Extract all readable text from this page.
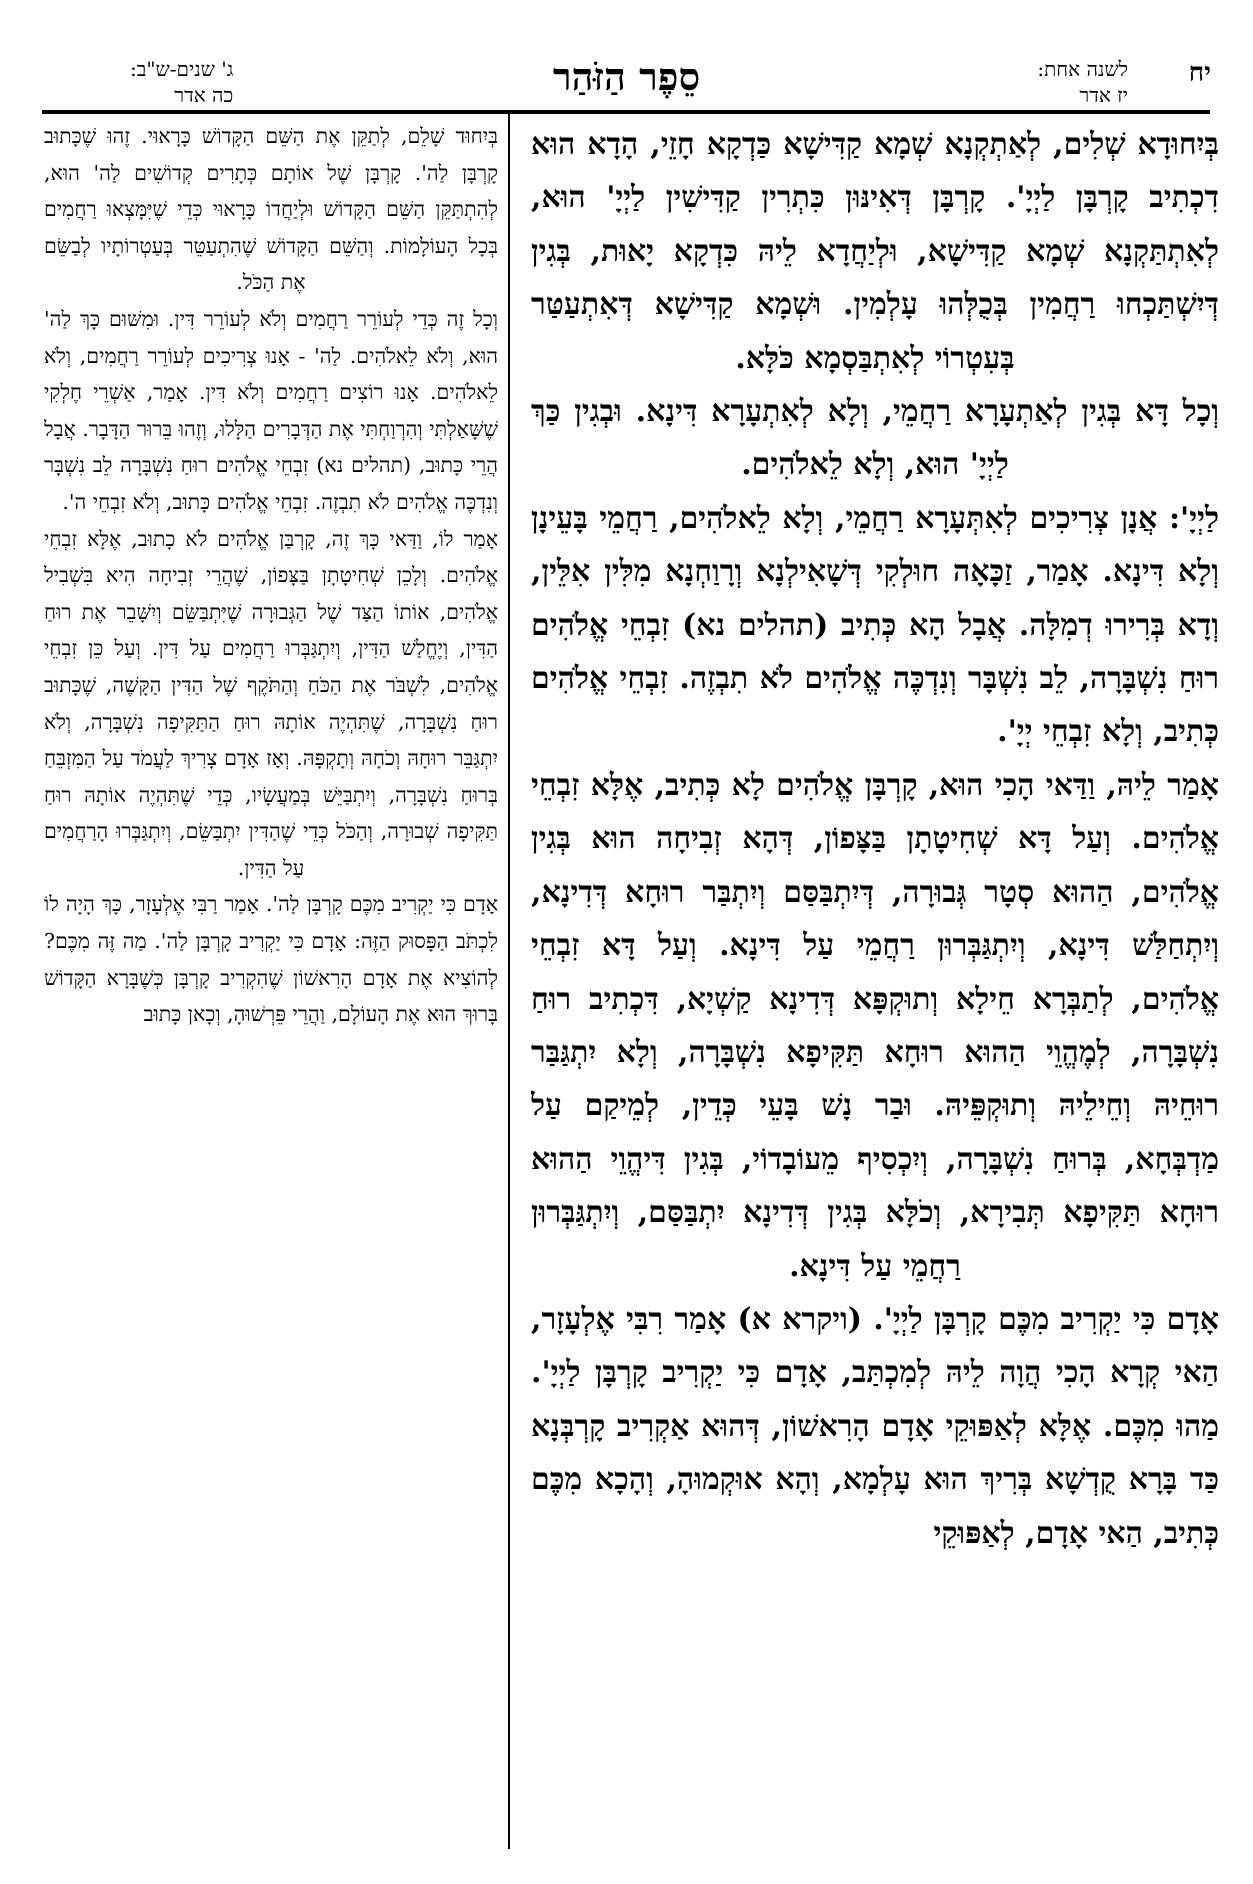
יח
לשנה אחת:
יז אדר
סֵפֶר הַזֹּהַר
ג' שנים-ש"ב:
כה אדר

בְּיִחוּדָא שְׁלִים, לְאַתְקְנָא שְׁמָא קַדִּישָׁא כַּדְקָא חָזֵי, הָדָא הוּא דִכְתִיב קָרְבָּן לַיְיָ'. קָרְבָּן דְּאִינּוּן כִּתְרִין קַדִּישִׁין לַיְיָ' הוּא, לְאִתְתַּקְנָא שְׁמָא קַדִּישָׁא, וּלְיַחֲדָא לֵיהּ כִּדְקָא יָאוּת, בְּגִין דְּיִשְׁתַּכְחוּ רַחֲמִין בְּכֻלְּהוּ עָלְמִין. וּשְׁמָא קַדִּישָׁא דְּאִתְעַטַּר בְּעִטְרוֹי לְאִתְבַּסְמָא כֹּלָּא.

וְכָל דָּא בְּגִין לְאַתְעָרָא רַחֲמֵי, וְלָא לְאִתְעָרָא דִּינָא. וּבְגִין כַּךְ לַיְיָ' הוּא, וְלָא לֵאלֹהִים.

לַיְיָ': אֲנָן צְרִיכִים לְאִתְּעָרָא רַחֲמֵי, וְלָא לֵאלֹהִים, רַחֲמֵי בָּעֵינָן וְלָא דִּינָא. אָמַר, זַכָּאָה חוּלְקִי דְּשָׁאִילְנָא וְרָוַחְנָא מִלִּין אִלֵּין, וְדָא בְּרִירוּ דְמִלָּה. אֲבָל הָא כְּתִיב (תהלים נא) זִבְחֵי אֱלֹהִים רוּחַ נִשְׁבָּרָה, לֵב נִשְׁבָּר וְנִדְכֶּה אֱלֹהִים לֹא תִבְזֶה. זִבְחֵי אֱלֹהִים כְּתִיב, וְלָא זִבְחֵי יְיָ'.

אָמַר לֵיהּ, וַדַּאי הָכִי הוּא, קָרְבָּן אֱלֹהִים לָא כְּתִיב, אֶלָּא זִבְחֵי אֱלֹהִים. וְעַל דָּא שְׁחִיטָתָן בַּצָּפוֹן, דְּהָא זְבִיחָה הוּא בְּגִין אֱלֹהִים, הַהוּא סְטָר גְּבוּרָה, דְּיִתְבַּסַּם וְיִתְבַּר רוּחָא דְּדִינָא, וְיִתְחַלַּשׁ דִּינָא, וְיִתְגַּבְּרוּן רַחֲמֵי עַל דִּינָא. וְעַל דָּא זִבְחֵי אֱלֹהִים, לְתַבְּרָא חֵילָא וְתוּקְפָּא דְּדִינָא קַשְׁיָא, דִּכְתִיב רוּחַ נִשְׁבָּרָה, לְמֶהֱוֵי הַהוּא רוּחָא תַּקִּיפָא נִשְׁבָּרָה, וְלָא יִתְגַּבַּר רוּחֵיהּ וְחֵילֵיהּ וְתוּקְפֵּיהּ. וּבַר נָשׁ בָּעֵי כְּדֵין, לְמֵיקַם עַל מַדְבְּחָא, בְּרוּחַ נִשְׁבָּרָה, וְיִכְסִיף מֵעוֹבָדוֹי, בְּגִין דִּיהֱוֵי הַהוּא רוּחָא תַּקִּיפָא תְּבִירָא, וְכֹלָּא בְּגִין דְּדִינָא יִתְבַּסַּם, וְיִתְגַּבְּרוּן רַחֲמֵי עַל דִּינָא.

אָדָם כִּי יַקְרִיב מִכֶּם קָרְבָּן לַיְיָ'. (ויקרא א) אָמַר רִבִּי אֶלְעָזָר, הַאי קְרָא הָכִי הֲוָה לֵיהּ לְמִכְתַּב, אָדָם כִּי יַקְרִיב קָרְבָּן לַיְיָ'. מַהוּ מִכֶּם. אֶלָּא לְאַפּוּקֵי אָדָם הָרִאשׁוֹן, דְּהוּא אַקְרִיב קָרְבְּנָא כַּד בָּרָא קֻדְשָׁא בְּרִיךְ הוּא עָלְמָא, וְהָא אוּקְמוּהָ, וְהָכָא מִכֶּם כְּתִיב, הַאי אָדָם, לְאַפּוּקֵי

בְּיִחוּד שָׁלֵם, לְתַקֵּן אֶת הַשֵּׁם הַקָּדוֹשׁ כָּרָאוּי. זֶהוּ שֶׁכָּתוּב קָרְבָּן לַה'. קָרְבָּן שֶׁל אוֹתָם כְּתָרִים קְדוֹשִׁים לַה' הוּא, לְהִתְתַּקֵּן הַשֵּׁם הַקָּדוֹשׁ וּלְיַחֲדוֹ כָּרָאוּי כְּדֵי שֶׁיִּמָּצְאוּ רַחֲמִים בְּכָל הָעוֹלָמוֹת. וְהַשֵּׁם הַקָּדוֹשׁ שֶׁהִתְעַטֵּר בְּעַטְרוֹתָיו לְבַשֵּׂם אֶת הַכֹּל.

וְכָל זֶה כְּדֵי לְעוֹרֵר רַחֲמִים וְלֹא לְעוֹרֵר דִּין. וּמִשּׁוּם כָּךְ לַה' הוּא, וְלֹא לֵאלֹהִים. לַה' - אָנוּ צְרִיכִים לְעוֹרֵר רַחֲמִים, וְלֹא לֵאלֹהִים. אָנוּ רוֹצִים רַחֲמִים וְלֹא דִּין. אָמַר, אַשְׁרֵי חֶלְקִי שֶׁשָּׁאַלְתִּי וְהִרְוַחְתִּי אֶת הַדְּבָרִים הַלָּלוּ, וְזֶהוּ בֵּרוּר הַדָּבָר. אֲבָל הֲרֵי כָּתוּב, (תהלים נא) זִבְחֵי אֱלֹהִים רוּחַ נִשְׁבָּרָה לֵב נִשְׁבָּר וְנִדְכֶּה אֱלֹהִים לֹא תִבְזֶה. זִבְחֵי אֱלֹהִים כָּתוּב, וְלֹא זִבְחֵי ה'.

אָמַר לוֹ, וַדַּאי כָּךְ זֶה, קָרְבַּן אֱלֹהִים לֹא כָתוּב, אֶלָּא זִבְחֵי אֱלֹהִים. וְלָכֵן שְׁחִיטָתָן בַּצָּפוֹן, שֶׁהֲרֵי זְבִיחָה הִיא בִּשְׁבִיל אֱלֹהִים, אוֹתוֹ הַצַּד שֶׁל הַגְּבוּרָה שֶׁיִּתְבַּשֵּׂם וְיִשָּׁבֵר אֶת רוּחַ הַדִּין, וְיֶחֱלַשׁ הַדִּין, וְיִתְגַּבְּרוּ רַחֲמִים עַל דִּין. וְעַל כֵּן זִבְחֵי אֱלֹהִים, לִשְׁבֹּר אֶת הַכֹּחַ וְהַתֹּקֶף שֶׁל הַדִּין הַקָּשֶׁה, שֶׁכָּתוּב רוּחַ נִשְׁבָּרָה, שֶׁתִּהְיֶה אוֹתָהּ רוּחַ הַתַּקִּיפָה נִשְׁבָּרָה, וְלֹא יִתְגַּבֵּר רוּחָהּ וְכֹחָהּ וְתָקְפָּהּ. וְאָז אָדָם צָרִיךְ לַעֲמֹד עַל הַמִּזְבֵּחַ בְּרוּחַ נִשְׁבָּרָה, וְיִתְבַּיֵּשׁ בְּמַעֲשָׂיו, כְּדֵי שֶׁתִּהְיֶה אוֹתָהּ רוּחַ תַּקִּיפָה שְׁבוּרָה, וְהַכֹּל כְּדֵי שֶׁהַדִּין יִתְבַּשֵּׂם, וְיִתְגַּבְּרוּ הָרַחֲמִים עַל הַדִּין.

אָדָם כִּי יַקְרִיב מִכֶּם קָרְבָּן לַה'. אָמַר רַבִּי אֶלְעָזָר, כָּךְ הָיָה לוֹ לִכְתֹּב הַפָּסוּק הַזֶּה: אָדָם כִּי יַקְרִיב קָרְבָּן לַה'. מַה זֶּה מִכֶּם? לְהוֹצִיא אֶת אָדָם הָרִאשׁוֹן שֶׁהִקְרִיב קָרְבָּן כְּשֶׁבָּרָא הַקָּדוֹשׁ בָּרוּךְ הוּא אֶת הָעוֹלָם, וַהֲרֵי פֵּרְשׁוּהָ, וְכָאן כָּתוּב
